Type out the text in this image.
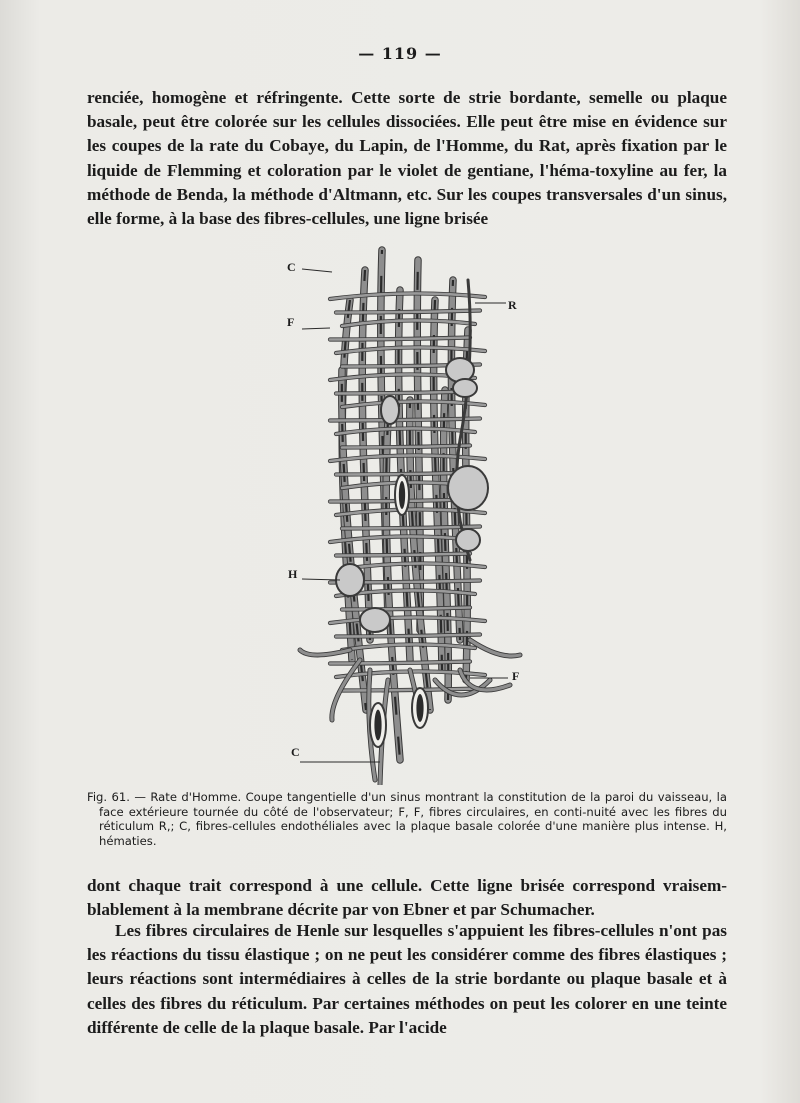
— 119 —

renciée, homogène et réfringente. Cette sorte de strie bordante, semelle ou plaque basale, peut être colorée sur les cellules dissociées. Elle peut être mise en évidence sur les coupes de la rate du Cobaye, du Lapin, de l'Homme, du Rat, après fixation par le liquide de Flemming et coloration par le violet de gentiane, l'héma-toxyline au fer, la méthode de Benda, la méthode d'Altmann, etc. Sur les coupes transversales d'un sinus, elle forme, à la base des fibres-cellules, une ligne brisée

C
F
R
H
F
C

Fig. 61. — Rate d'Homme. Coupe tangentielle d'un sinus montrant la constitution de la paroi du vaisseau, la face extérieure tournée du côté de l'observateur; F, F, fibres circulaires, en conti-nuité avec les fibres du réticulum R,; C, fibres-cellules endothéliales avec la plaque basale colorée d'une manière plus intense. H, hématies.

dont chaque trait correspond à une cellule. Cette ligne brisée correspond vraisem-blablement à la membrane décrite par von Ebner et par Schumacher.

Les fibres circulaires de Henle sur lesquelles s'appuient les fibres-cellules n'ont pas les réactions du tissu élastique ; on ne peut les considérer comme des fibres élastiques ; leurs réactions sont intermédiaires à celles de la strie bordante ou plaque basale et à celles des fibres du réticulum. Par certaines méthodes on peut les colorer en une teinte différente de celle de la plaque basale. Par l'acide
